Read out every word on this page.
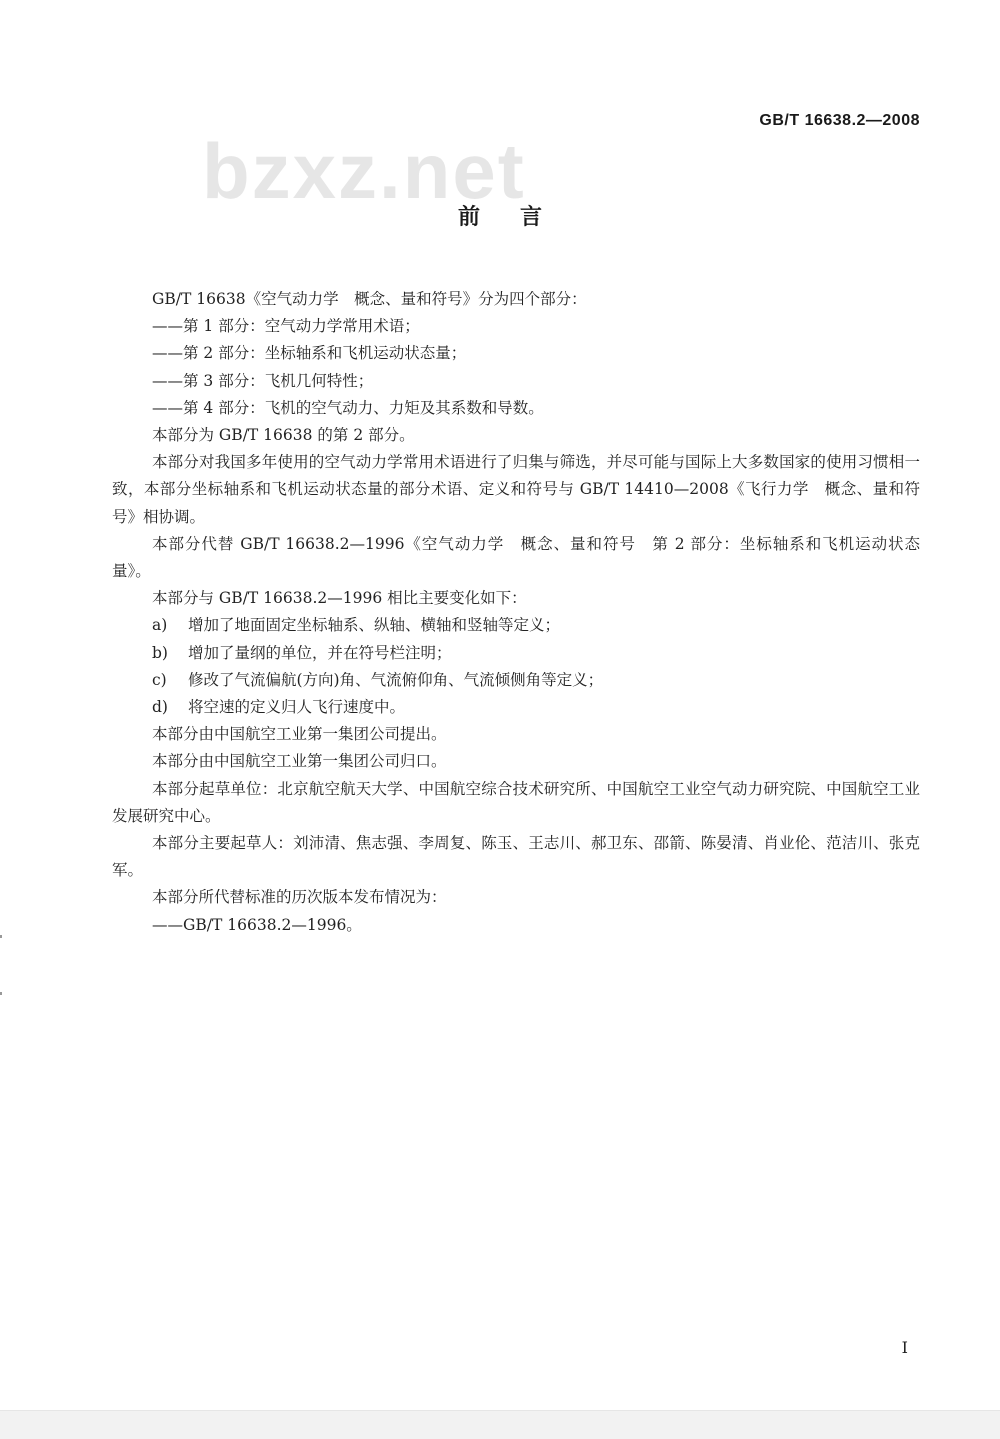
GB/T 16638.2—2008
bzxz.net
前言

GB/T 16638《空气动力学　概念、量和符号》分为四个部分：

——第 1 部分：空气动力学常用术语；

——第 2 部分：坐标轴系和飞机运动状态量；

——第 3 部分：飞机几何特性；

——第 4 部分：飞机的空气动力、力矩及其系数和导数。

本部分为 GB/T 16638 的第 2 部分。

本部分对我国多年使用的空气动力学常用术语进行了归集与筛选，并尽可能与国际上大多数国家的使用习惯相一致，本部分坐标轴系和飞机运动状态量的部分术语、定义和符号与 GB/T 14410—2008《飞行力学　概念、量和符号》相协调。

本部分代替 GB/T 16638.2—1996《空气动力学　概念、量和符号　第 2 部分：坐标轴系和飞机运动状态量》。

本部分与 GB/T 16638.2—1996 相比主要变化如下：

a)	增加了地面固定坐标轴系、纵轴、横轴和竖轴等定义；
b)	增加了量纲的单位，并在符号栏注明；
c)	修改了气流偏航(方向)角、气流俯仰角、气流倾侧角等定义；
d)	将空速的定义归人飞行速度中。

本部分由中国航空工业第一集团公司提出。

本部分由中国航空工业第一集团公司归口。

本部分起草单位：北京航空航天大学、中国航空综合技术研究所、中国航空工业空气动力研究院、中国航空工业发展研究中心。

本部分主要起草人：刘沛清、焦志强、李周复、陈玉、王志川、郝卫东、邵箭、陈晏清、肖业伦、范洁川、张克军。

本部分所代替标准的历次版本发布情况为：

——GB/T 16638.2—1996。

I
